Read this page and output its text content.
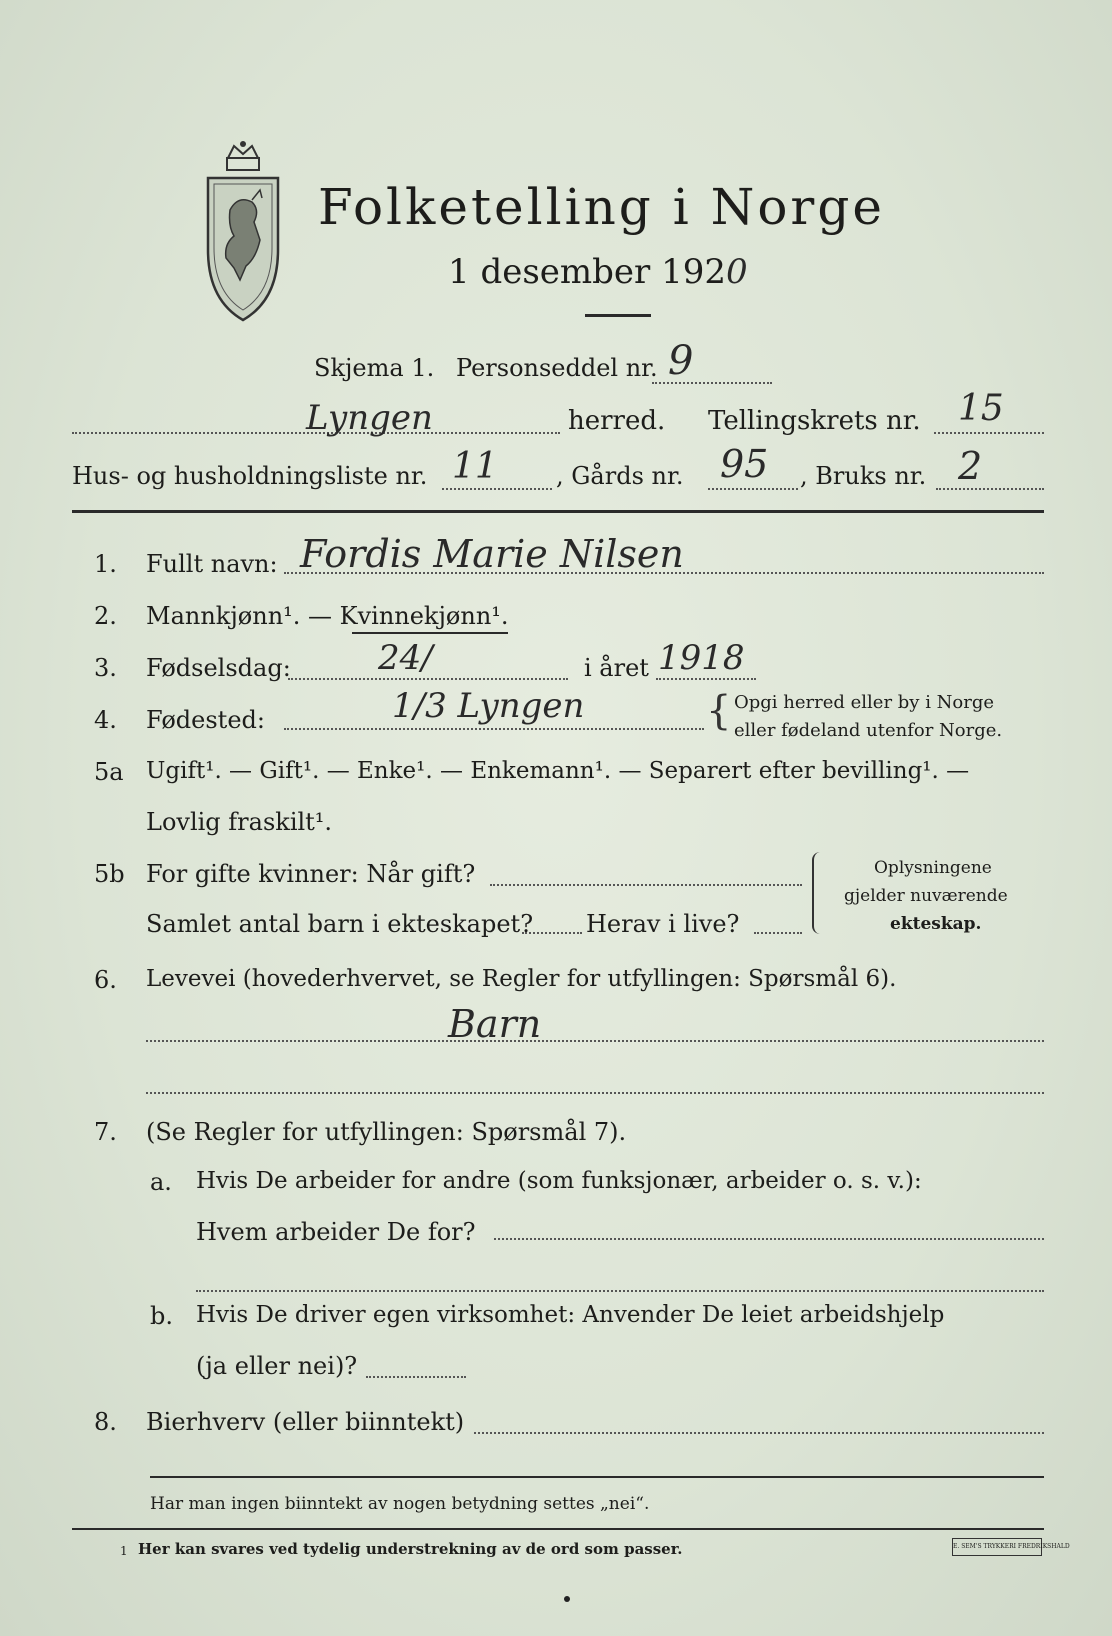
Folketelling i Norge
1 desember 1920
Skjema 1. Personseddel nr. 9
Lyngen	herred. Tellingskrets nr. 15
Hus- og husholdningsliste nr. 11 , Gårds nr. 95 , Bruks nr. 2
1. Fullt navn: Fordis Marie Nilsen
2. Mannkjønn¹. — Kvinnekjønn¹.
3. Fødselsdag:	24/	i året 1918
4. Fødested:	1/3 Lyngen	{ Opgi herred eller by i Norge
eller fødeland utenfor Norge.
5a Ugift¹. — Gift¹. — Enke¹. — Enkemann¹. — Separert efter bevilling¹. —
Lovlig fraskilt¹.
5b For gifte kvinner: Når gift?
Samlet antal barn i ekteskapet? Herav i live?
Oplysningene
gjelder nuværende
ekteskap.
6. Levevei (hovederhvervet, se Regler for utfyllingen: Spørsmål 6).
Barn
7. (Se Regler for utfyllingen: Spørsmål 7).
a. Hvis De arbeider for andre (som funksjonær, arbeider o. s. v.):
Hvem arbeider De for?
b. Hvis De driver egen virksomhet: Anvender De leiet arbeidshjelp
(ja eller nei)?
8. Bierhverv (eller biinntekt)
Har man ingen biinntekt av nogen betydning settes „nei“.
1 Her kan svares ved tydelig understrekning av de ord som passer.	E. SEM'S TRYKKERI FREDRIKSHALD
